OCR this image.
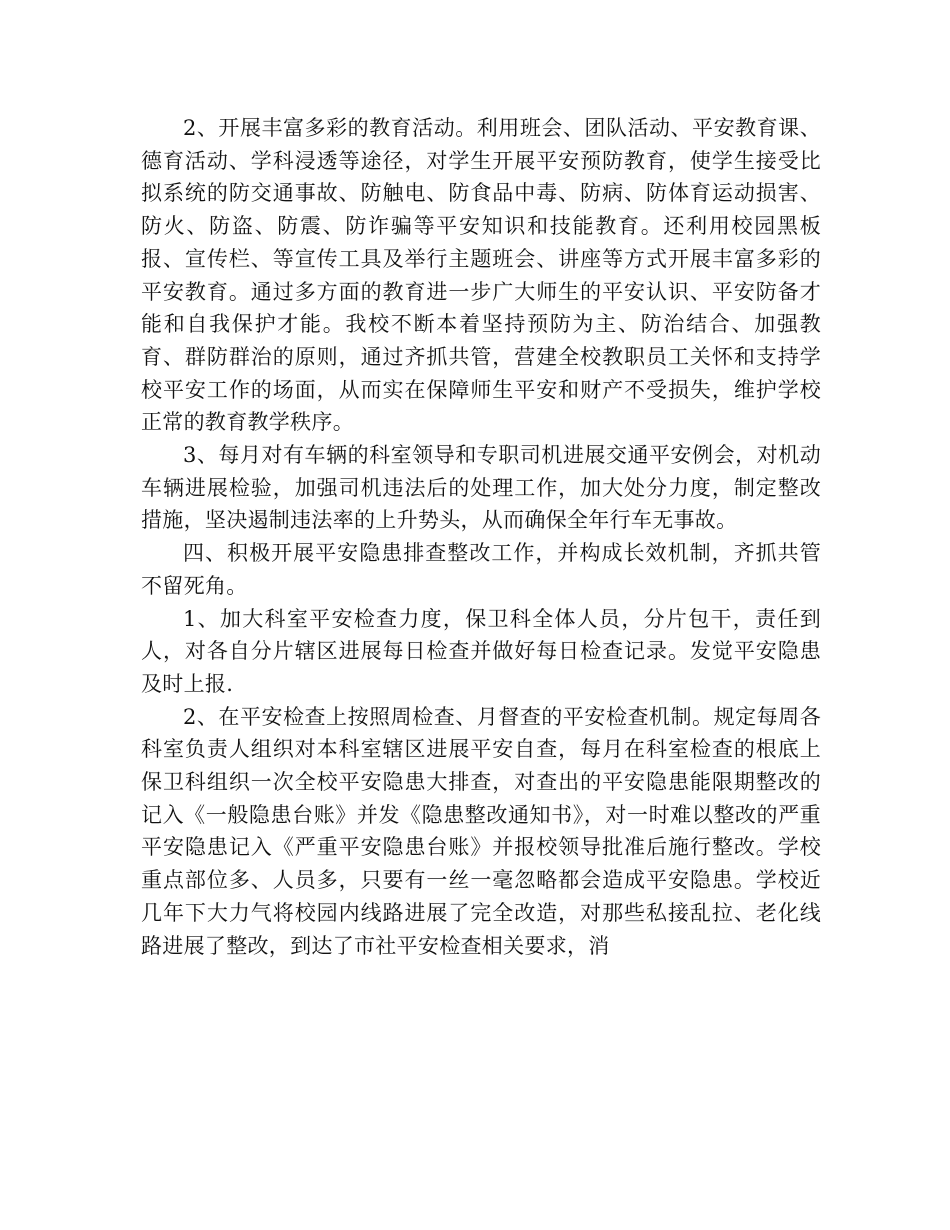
2、开展丰富多彩的教育活动。利用班会、团队活动、平安教育课、德育活动、学科浸透等途径，对学生开展平安预防教育，使学生接受比拟系统的防交通事故、防触电、防食品中毒、防病、防体育运动损害、防火、防盗、防震、防诈骗等平安知识和技能教育。还利用校园黑板报、宣传栏、等宣传工具及举行主题班会、讲座等方式开展丰富多彩的平安教育。通过多方面的教育进一步广大师生的平安认识、平安防备才能和自我保护才能。我校不断本着坚持预防为主、防治结合、加强教育、群防群治的原则，通过齐抓共管，营建全校教职员工关怀和支持学校平安工作的场面，从而实在保障师生平安和财产不受损失，维护学校正常的教育教学秩序。

3、每月对有车辆的科室领导和专职司机进展交通平安例会，对机动车辆进展检验，加强司机违法后的处理工作，加大处分力度，制定整改措施，坚决遏制违法率的上升势头，从而确保全年行车无事故。

四、积极开展平安隐患排查整改工作，并构成长效机制，齐抓共管不留死角。

1、加大科室平安检查力度，保卫科全体人员，分片包干，责任到人，对各自分片辖区进展每日检查并做好每日检查记录。发觉平安隐患及时上报.

2、在平安检查上按照周检查、月督查的平安检查机制。规定每周各科室负责人组织对本科室辖区进展平安自查，每月在科室检查的根底上保卫科组织一次全校平安隐患大排查，对查出的平安隐患能限期整改的记入《一般隐患台账》并发《隐患整改通知书》，对一时难以整改的严重平安隐患记入《严重平安隐患台账》并报校领导批准后施行整改。学校重点部位多、人员多，只要有一丝一毫忽略都会造成平安隐患。学校近几年下大力气将校园内线路进展了完全改造，对那些私接乱拉、老化线路进展了整改，到达了市社平安检查相关要求，消
